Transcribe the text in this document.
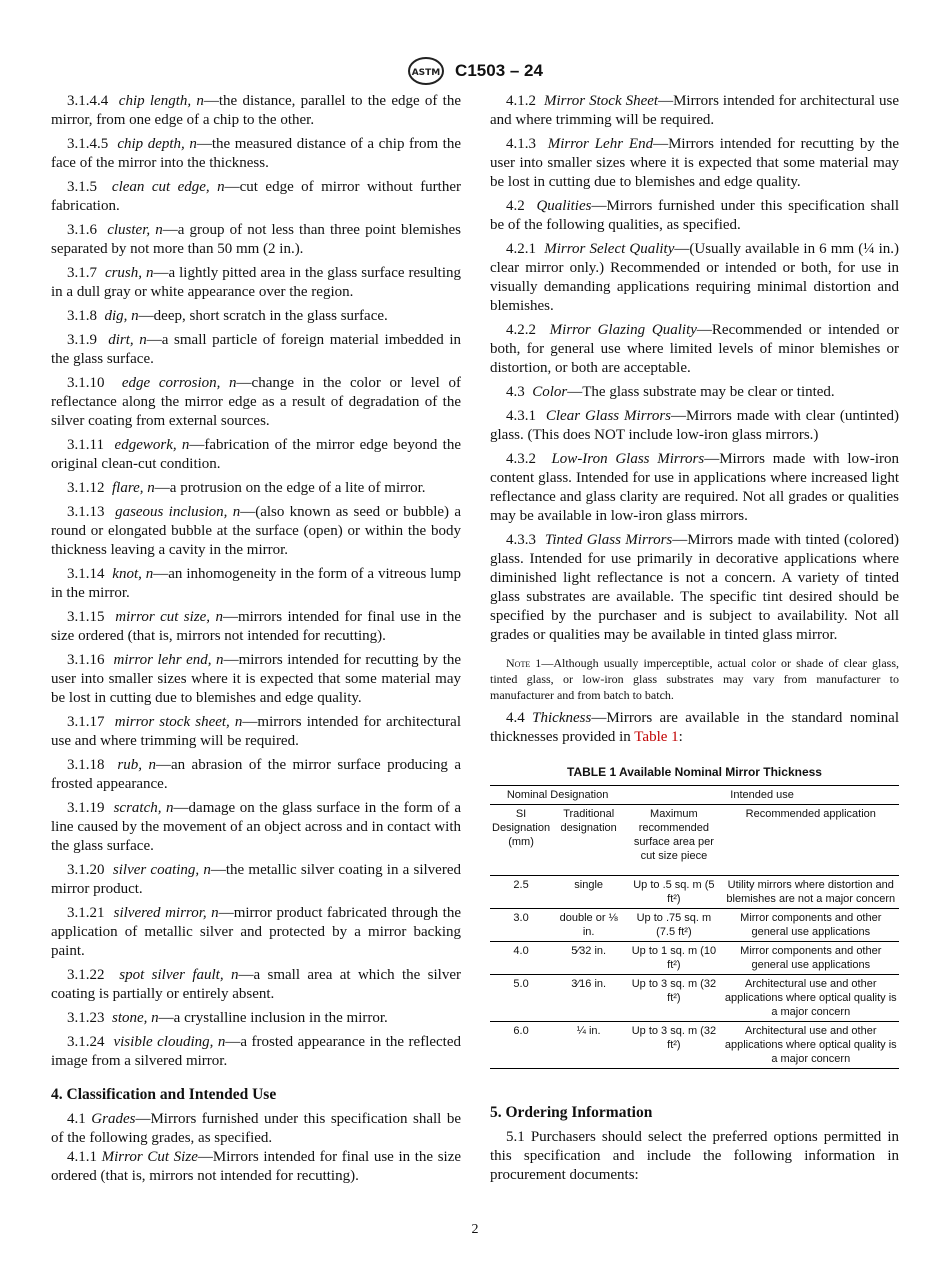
ASTM C1503 – 24

3.1.4.4 chip length, n—the distance, parallel to the edge of the mirror, from one edge of a chip to the other.

3.1.4.5 chip depth, n—the measured distance of a chip from the face of the mirror into the thickness.

3.1.5 clean cut edge, n—cut edge of mirror without further fabrication.

3.1.6 cluster, n—a group of not less than three point blemishes separated by not more than 50 mm (2 in.).

3.1.7 crush, n—a lightly pitted area in the glass surface resulting in a dull gray or white appearance over the region.

3.1.8 dig, n—deep, short scratch in the glass surface.

3.1.9 dirt, n—a small particle of foreign material imbedded in the glass surface.

3.1.10 edge corrosion, n—change in the color or level of reflectance along the mirror edge as a result of degradation of the silver coating from external sources.

3.1.11 edgework, n—fabrication of the mirror edge beyond the original clean-cut condition.

3.1.12 flare, n—a protrusion on the edge of a lite of mirror.

3.1.13 gaseous inclusion, n—(also known as seed or bubble) a round or elongated bubble at the surface (open) or within the body thickness leaving a cavity in the mirror.

3.1.14 knot, n—an inhomogeneity in the form of a vitreous lump in the mirror.

3.1.15 mirror cut size, n—mirrors intended for final use in the size ordered (that is, mirrors not intended for recutting).

3.1.16 mirror lehr end, n—mirrors intended for recutting by the user into smaller sizes where it is expected that some material may be lost in cutting due to blemishes and edge quality.

3.1.17 mirror stock sheet, n—mirrors intended for architectural use and where trimming will be required.

3.1.18 rub, n—an abrasion of the mirror surface producing a frosted appearance.

3.1.19 scratch, n—damage on the glass surface in the form of a line caused by the movement of an object across and in contact with the glass surface.

3.1.20 silver coating, n—the metallic silver coating in a silvered mirror product.

3.1.21 silvered mirror, n—mirror product fabricated through the application of metallic silver and protected by a mirror backing paint.

3.1.22 spot silver fault, n—a small area at which the silver coating is partially or entirely absent.

3.1.23 stone, n—a crystalline inclusion in the mirror.

3.1.24 visible clouding, n—a frosted appearance in the reflected image from a silvered mirror.

4. Classification and Intended Use

4.1 Grades—Mirrors furnished under this specification shall be of the following grades, as specified.

4.1.1 Mirror Cut Size—Mirrors intended for final use in the size ordered (that is, mirrors not intended for recutting).

4.1.2 Mirror Stock Sheet—Mirrors intended for architectural use and where trimming will be required.

4.1.3 Mirror Lehr End—Mirrors intended for recutting by the user into smaller sizes where it is expected that some material may be lost in cutting due to blemishes and edge quality.

4.2 Qualities—Mirrors furnished under this specification shall be of the following qualities, as specified.

4.2.1 Mirror Select Quality—(Usually available in 6 mm (¼ in.) clear mirror only.) Recommended or intended or both, for use in visually demanding applications requiring minimal distortion and blemishes.

4.2.2 Mirror Glazing Quality—Recommended or intended or both, for general use where limited levels of minor blemishes or distortion, or both are acceptable.

4.3 Color—The glass substrate may be clear or tinted.

4.3.1 Clear Glass Mirrors—Mirrors made with clear (untinted) glass. (This does NOT include low-iron glass mirrors.)

4.3.2 Low-Iron Glass Mirrors—Mirrors made with low-iron content glass. Intended for use in applications where increased light reflectance and glass clarity are required. Not all grades or qualities may be available in low-iron glass mirrors.

4.3.3 Tinted Glass Mirrors—Mirrors made with tinted (colored) glass. Intended for use primarily in decorative applications where diminished light reflectance is not a concern. A variety of tinted glass substrates are available. The specific tint desired should be specified by the purchaser and is subject to availability. Not all grades or qualities may be available in tinted glass mirror.

Note 1—Although usually imperceptible, actual color or shade of clear glass, tinted glass, or low-iron glass substrates may vary from manufacturer to manufacturer and from batch to batch.

4.4 Thickness—Mirrors are available in the standard nominal thicknesses provided in Table 1:

TABLE 1 Available Nominal Mirror Thickness
Nominal Designation		Intended use	
SI Designation (mm)	Traditional designation	Maximum recommended surface area per cut size piece	Recommended application
2.5	single	Up to .5 sq. m (5 ft²)	Utility mirrors where distortion and blemishes are not a major concern
3.0	double or ⅛ in.	Up to .75 sq. m (7.5 ft²)	Mirror components and other general use applications
4.0	5⁄32 in.	Up to 1 sq. m (10 ft²)	Mirror components and other general use applications
5.0	3⁄16 in.	Up to 3 sq. m (32 ft²)	Architectural use and other applications where optical quality is a major concern
6.0	¼ in.	Up to 3 sq. m (32 ft²)	Architectural use and other applications where optical quality is a major concern
5. Ordering Information

5.1 Purchasers should select the preferred options permitted in this specification and include the following information in procurement documents:

2
